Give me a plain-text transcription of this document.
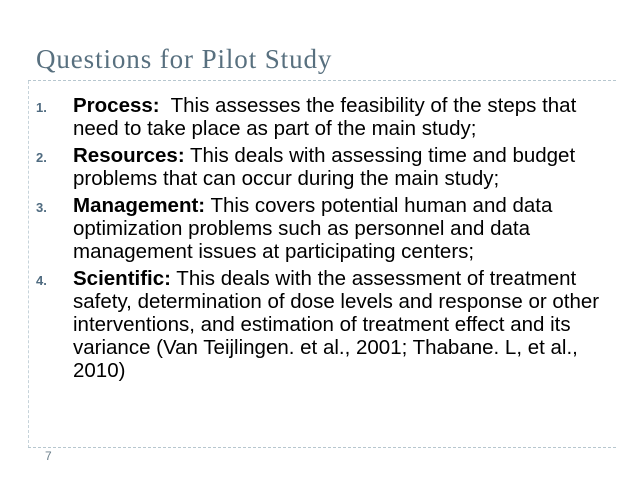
Questions for Pilot Study
1.	Process:  This assesses the feasibility of the steps that need to take place as part of the main study;
2.	Resources: This deals with assessing time and budget problems that can occur during the main study;
3.	Management: This covers potential human and data optimization problems such as personnel and data management issues at participating centers;
4.	Scientific: This deals with the assessment of treatment safety, determination of dose levels and response or other interventions, and estimation of treatment effect and its variance (Van Teijlingen. et al., 2001; Thabane. L, et al., 2010)
7
